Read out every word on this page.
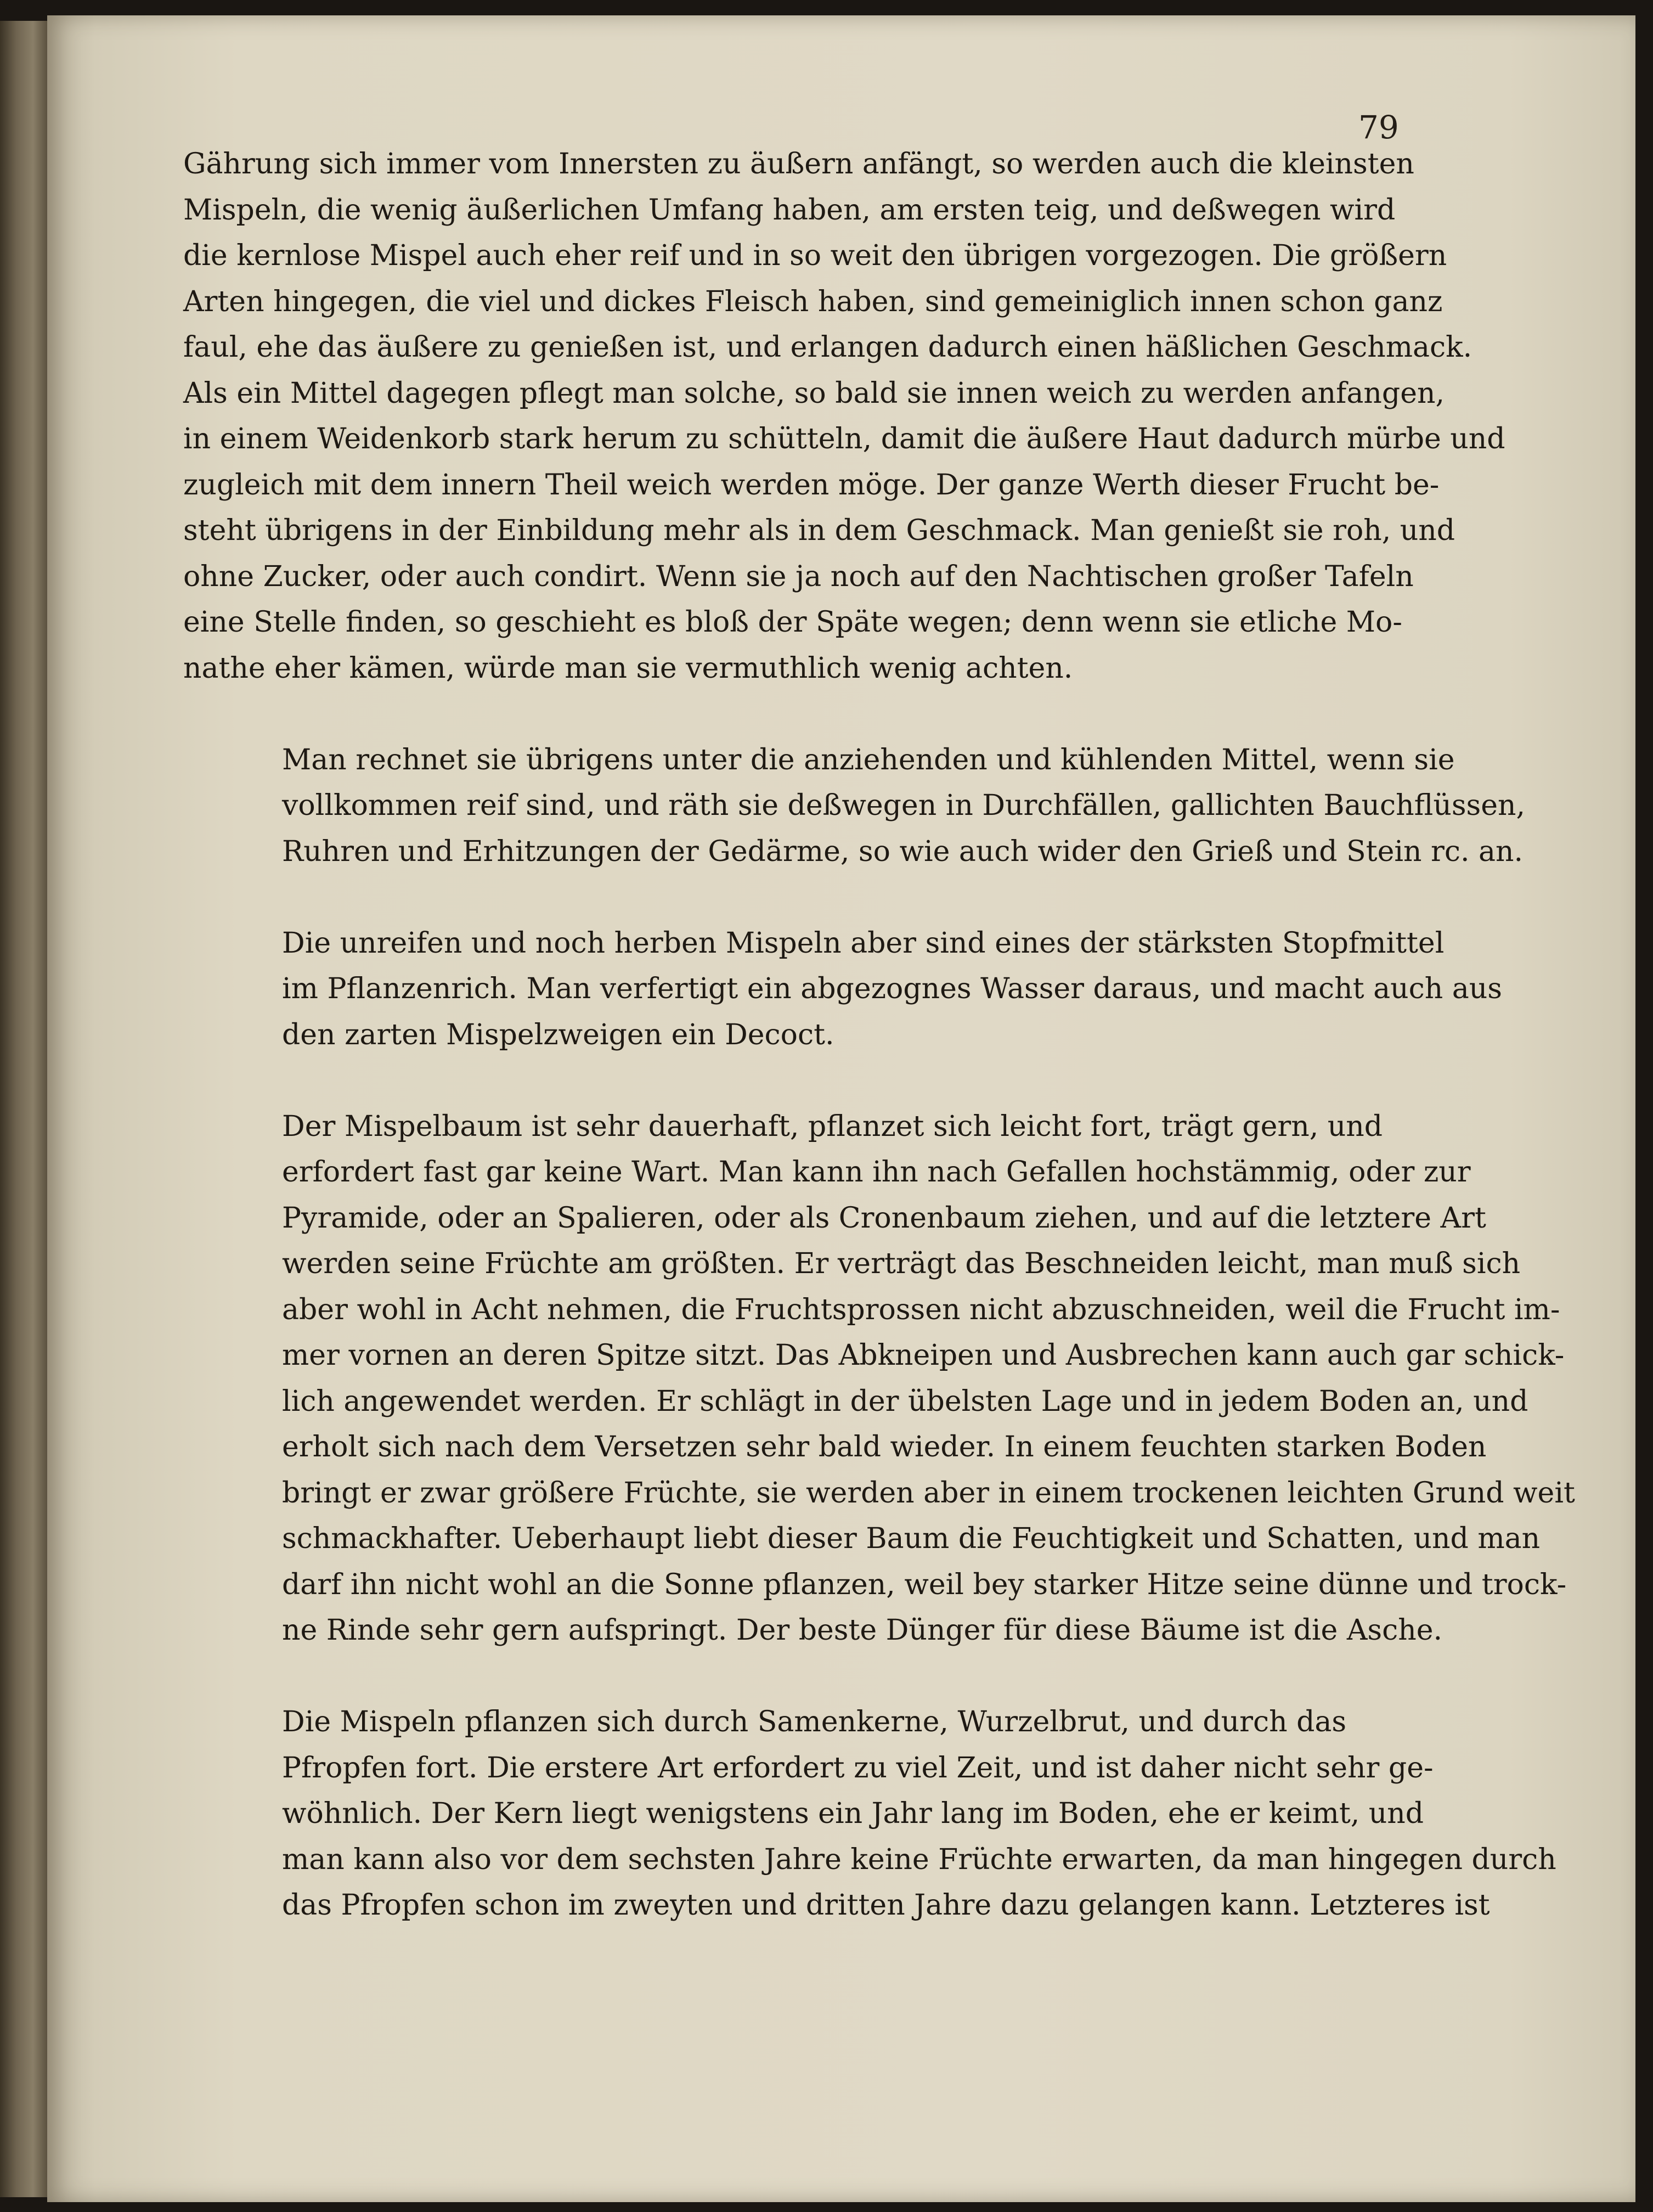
79
Gährung sich immer vom Innersten zu äußern anfängt, so werden auch die kleinsten
Mispeln, die wenig äußerlichen Umfang haben, am ersten teig, und deßwegen wird
die kernlose Mispel auch eher reif und in so weit den übrigen vorgezogen. Die größern
Arten hingegen, die viel und dickes Fleisch haben, sind gemeiniglich innen schon ganz
faul, ehe das äußere zu genießen ist, und erlangen dadurch einen häßlichen Geschmack.
Als ein Mittel dagegen pflegt man solche, so bald sie innen weich zu werden anfangen,
in einem Weidenkorb stark herum zu schütteln, damit die äußere Haut dadurch mürbe und
zugleich mit dem innern Theil weich werden möge. Der ganze Werth dieser Frucht be-
steht übrigens in der Einbildung mehr als in dem Geschmack. Man genießt sie roh, und
ohne Zucker, oder auch condirt. Wenn sie ja noch auf den Nachtischen großer Tafeln
eine Stelle finden, so geschieht es bloß der Späte wegen; denn wenn sie etliche Mo-
nathe eher kämen, würde man sie vermuthlich wenig achten.
Man rechnet sie übrigens unter die anziehenden und kühlenden Mittel, wenn sie
vollkommen reif sind, und räth sie deßwegen in Durchfällen, gallichten Bauchflüssen,
Ruhren und Erhitzungen der Gedärme, so wie auch wider den Grieß und Stein rc. an.
Die unreifen und noch herben Mispeln aber sind eines der stärksten Stopfmittel
im Pflanzenrich. Man verfertigt ein abgezognes Wasser daraus, und macht auch aus
den zarten Mispelzweigen ein Decoct.
Der Mispelbaum ist sehr dauerhaft, pflanzet sich leicht fort, trägt gern, und
erfordert fast gar keine Wart. Man kann ihn nach Gefallen hochstämmig, oder zur
Pyramide, oder an Spalieren, oder als Cronenbaum ziehen, und auf die letztere Art
werden seine Früchte am größten. Er verträgt das Beschneiden leicht, man muß sich
aber wohl in Acht nehmen, die Fruchtsprossen nicht abzuschneiden, weil die Frucht im-
mer vornen an deren Spitze sitzt. Das Abkneipen und Ausbrechen kann auch gar schick-
lich angewendet werden. Er schlägt in der übelsten Lage und in jedem Boden an, und
erholt sich nach dem Versetzen sehr bald wieder. In einem feuchten starken Boden
bringt er zwar größere Früchte, sie werden aber in einem trockenen leichten Grund weit
schmackhafter. Ueberhaupt liebt dieser Baum die Feuchtigkeit und Schatten, und man
darf ihn nicht wohl an die Sonne pflanzen, weil bey starker Hitze seine dünne und trock-
ne Rinde sehr gern aufspringt. Der beste Dünger für diese Bäume ist die Asche.
Die Mispeln pflanzen sich durch Samenkerne, Wurzelbrut, und durch das
Pfropfen fort. Die erstere Art erfordert zu viel Zeit, und ist daher nicht sehr ge-
wöhnlich. Der Kern liegt wenigstens ein Jahr lang im Boden, ehe er keimt, und
man kann also vor dem sechsten Jahre keine Früchte erwarten, da man hingegen durch
das Pfropfen schon im zweyten und dritten Jahre dazu gelangen kann. Letzteres ist
